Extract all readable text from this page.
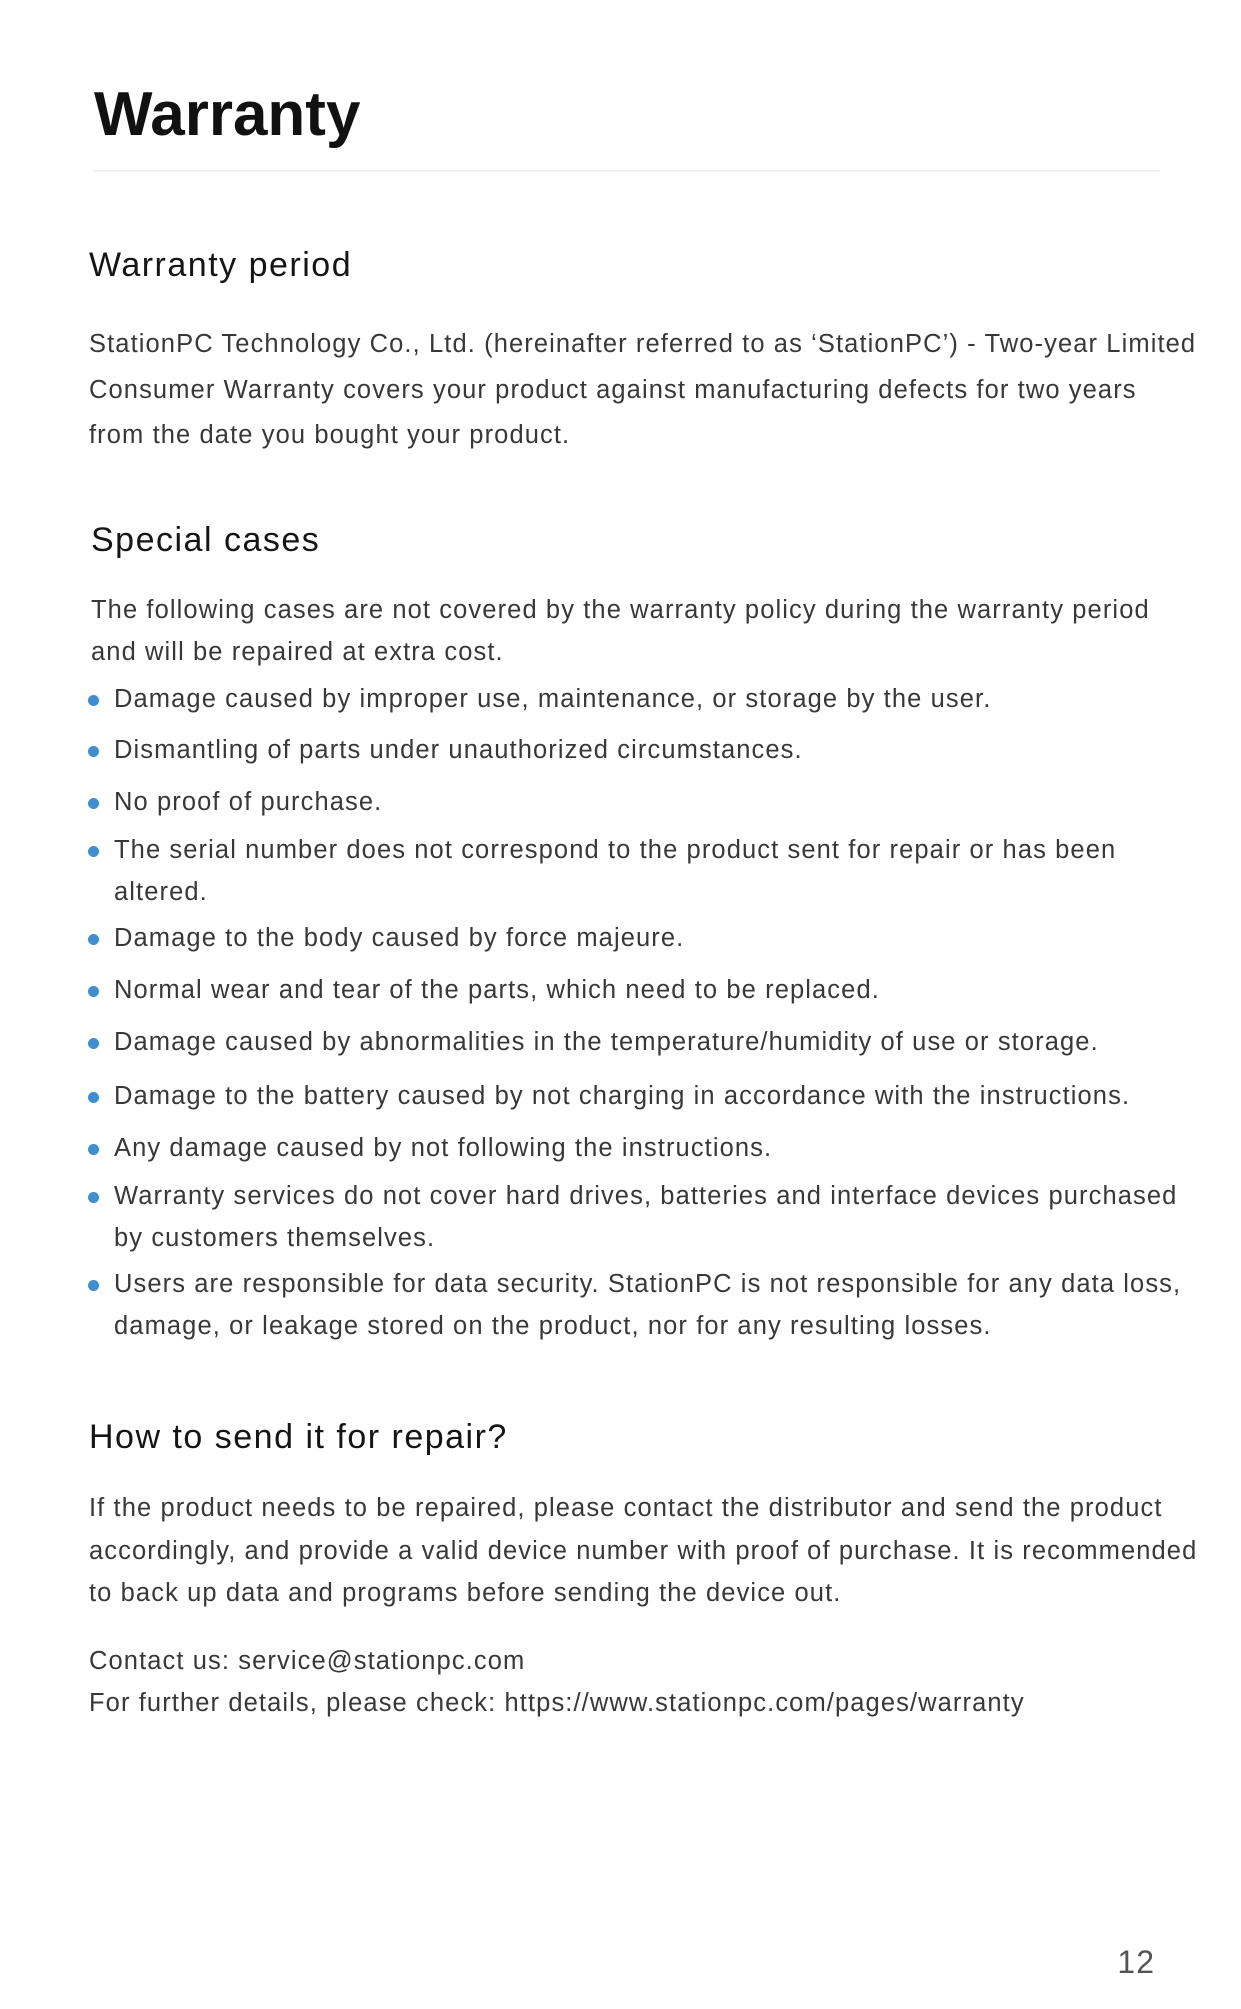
Warranty
Warranty period

StationPC Technology Co., Ltd. (hereinafter referred to as ‘StationPC’) - Two-year Limited Consumer Warranty covers your product against manufacturing defects for two years from the date you bought your product.

Special cases

The following cases are not covered by the warranty policy during the warranty period and will be repaired at extra cost.

Damage caused by improper use, maintenance, or storage by the user.
Dismantling of parts under unauthorized circumstances.
No proof of purchase.
The serial number does not correspond to the product sent for repair or has been altered.
Damage to the body caused by force majeure.
Normal wear and tear of the parts, which need to be replaced.
Damage caused by abnormalities in the temperature/humidity of use or storage.
Damage to the battery caused by not charging in accordance with the instructions.
Any damage caused by not following the instructions.
Warranty services do not cover hard drives, batteries and interface devices purchased by customers themselves.
Users are responsible for data security. StationPC is not responsible for any data loss, damage, or leakage stored on the product, nor for any resulting losses.
How to send it for repair?

If the product needs to be repaired, please contact the distributor and send the product accordingly, and provide a valid device number with proof of purchase. It is recommended to back up data and programs before sending the device out.

Contact us: service@stationpc.com

For further details, please check: https://www.stationpc.com/pages/warranty

12
